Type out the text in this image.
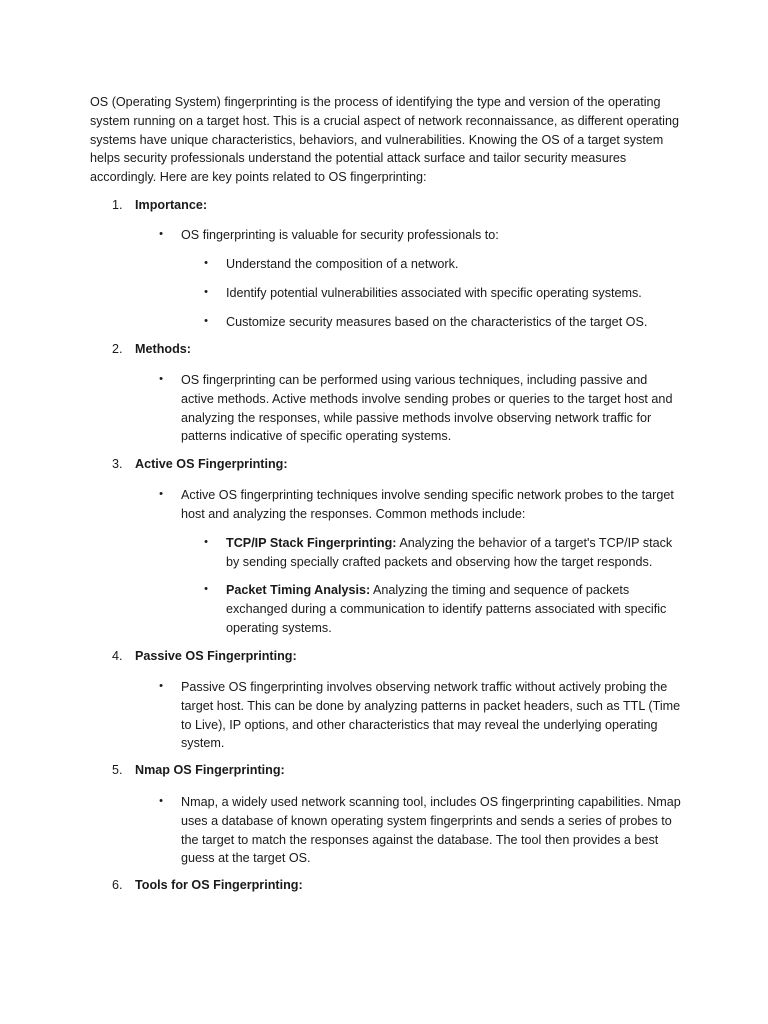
OS (Operating System) fingerprinting is the process of identifying the type and version of the operating system running on a target host. This is a crucial aspect of network reconnaissance, as different operating systems have unique characteristics, behaviors, and vulnerabilities. Knowing the OS of a target system helps security professionals understand the potential attack surface and tailor security measures accordingly. Here are key points related to OS fingerprinting:

1. Importance:
• OS fingerprinting is valuable for security professionals to:
• Understand the composition of a network.
• Identify potential vulnerabilities associated with specific operating systems.
• Customize security measures based on the characteristics of the target OS.
2. Methods:
• OS fingerprinting can be performed using various techniques, including passive and active methods. Active methods involve sending probes or queries to the target host and analyzing the responses, while passive methods involve observing network traffic for patterns indicative of specific operating systems.
3. Active OS Fingerprinting:
• Active OS fingerprinting techniques involve sending specific network probes to the target host and analyzing the responses. Common methods include:
• TCP/IP Stack Fingerprinting: Analyzing the behavior of a target's TCP/IP stack by sending specially crafted packets and observing how the target responds.
• Packet Timing Analysis: Analyzing the timing and sequence of packets exchanged during a communication to identify patterns associated with specific operating systems.
4. Passive OS Fingerprinting:
• Passive OS fingerprinting involves observing network traffic without actively probing the target host. This can be done by analyzing patterns in packet headers, such as TTL (Time to Live), IP options, and other characteristics that may reveal the underlying operating system.
5. Nmap OS Fingerprinting:
• Nmap, a widely used network scanning tool, includes OS fingerprinting capabilities. Nmap uses a database of known operating system fingerprints and sends a series of probes to the target to match the responses against the database. The tool then provides a best guess at the target OS.
6. Tools for OS Fingerprinting:
